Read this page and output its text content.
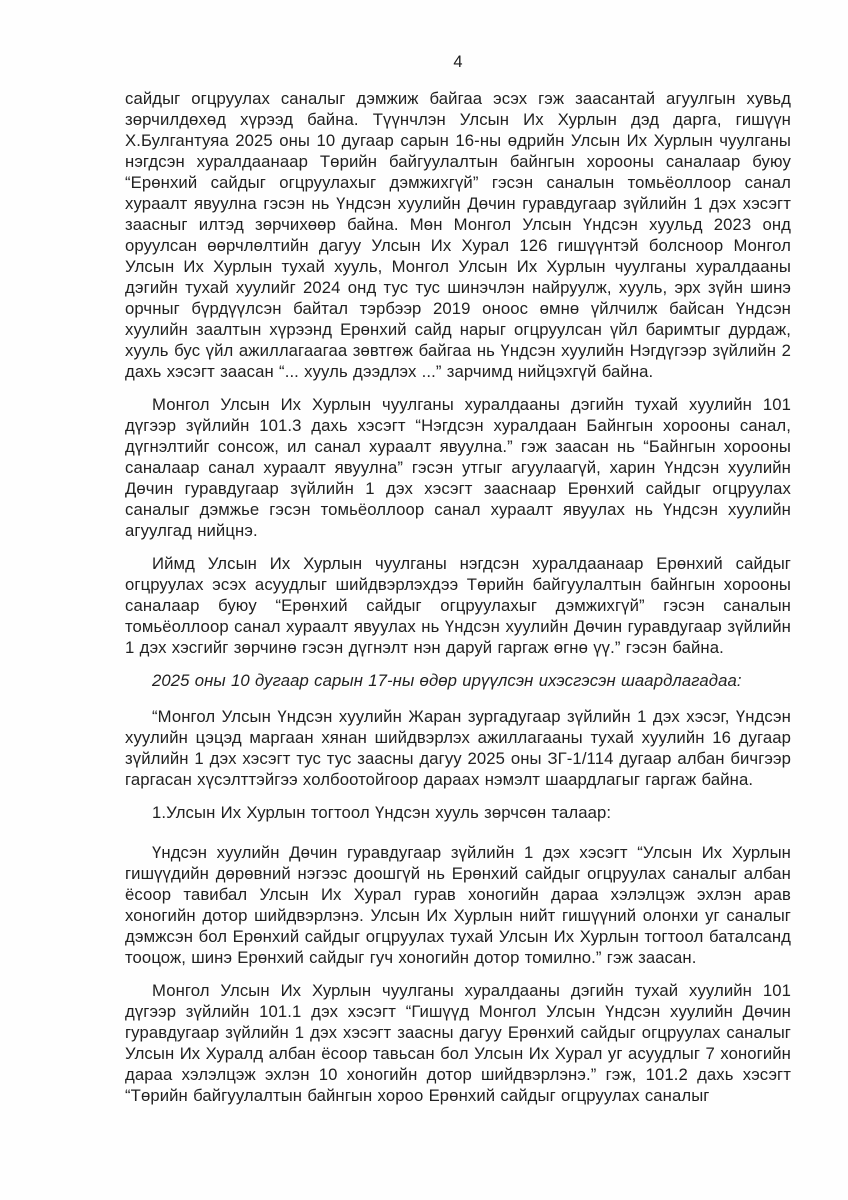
4

сайдыг огцруулах саналыг дэмжиж байгаа эсэх гэж заасантай агуулгын хувьд зөрчилдөхөд хүрээд байна. Түүнчлэн Улсын Их Хурлын дэд дарга, гишүүн Х.Булгантуяа 2025 оны 10 дугаар сарын 16-ны өдрийн Улсын Их Хурлын чуулганы нэгдсэн хуралдаанаар Төрийн байгуулалтын байнгын хорооны саналаар буюу “Ерөнхий сайдыг огцруулахыг дэмжихгүй” гэсэн саналын томьёоллоор санал хураалт явуулна гэсэн нь Үндсэн хуулийн Дөчин гуравдугаар зүйлийн 1 дэх хэсэгт заасныг илтэд зөрчихөөр байна. Мөн Монгол Улсын Үндсэн хуульд 2023 онд оруулсан өөрчлөлтийн дагуу Улсын Их Хурал 126 гишүүнтэй болсноор Монгол Улсын Их Хурлын тухай хууль, Монгол Улсын Их Хурлын чуулганы хуралдааны дэгийн тухай хуулийг 2024 онд тус тус шинэчлэн найруулж, хууль, эрх зүйн шинэ орчныг бүрдүүлсэн байтал тэрбээр 2019 оноос өмнө үйлчилж байсан Үндсэн хуулийн заалтын хүрээнд Ерөнхий сайд нарыг огцруулсан үйл баримтыг дурдаж, хууль бус үйл ажиллагаагаа зөвтгөж байгаа нь Үндсэн хуулийн Нэгдүгээр зүйлийн 2 дахь хэсэгт заасан “... хууль дээдлэх ...” зарчимд нийцэхгүй байна.

Монгол Улсын Их Хурлын чуулганы хуралдааны дэгийн тухай хуулийн 101 дүгээр зүйлийн 101.3 дахь хэсэгт “Нэгдсэн хуралдаан Байнгын хорооны санал, дүгнэлтийг сонсож, ил санал хураалт явуулна.” гэж заасан нь “Байнгын хорооны саналаар санал хураалт явуулна” гэсэн утгыг агуулаагүй, харин Үндсэн хуулийн Дөчин гуравдугаар зүйлийн 1 дэх хэсэгт зааснаар Ерөнхий сайдыг огцруулах саналыг дэмжье гэсэн томьёоллоор санал хураалт явуулах нь Үндсэн хуулийн агуулгад нийцнэ.

Иймд Улсын Их Хурлын чуулганы нэгдсэн хуралдаанаар Ерөнхий сайдыг огцруулах эсэх асуудлыг шийдвэрлэхдээ Төрийн байгуулалтын байнгын хорооны саналаар буюу “Ерөнхий сайдыг огцруулахыг дэмжихгүй” гэсэн саналын томьёоллоор санал хураалт явуулах нь Үндсэн хуулийн Дөчин гуравдугаар зүйлийн 1 дэх хэсгийг зөрчинө гэсэн дүгнэлт нэн даруй гаргаж өгнө үү.” гэсэн байна.

2025 оны 10 дугаар сарын 17-ны өдөр ирүүлсэн ихэсгэсэн шаардлагадаа:

“Монгол Улсын Үндсэн хуулийн Жаран зургадугаар зүйлийн 1 дэх хэсэг, Үндсэн хуулийн цэцэд маргаан хянан шийдвэрлэх ажиллагааны тухай хуулийн 16 дугаар зүйлийн 1 дэх хэсэгт тус тус заасны дагуу 2025 оны ЗГ-1/114 дугаар албан бичгээр гаргасан хүсэлттэйгээ холбоотойгоор дараах нэмэлт шаардлагыг гаргаж байна.

1.Улсын Их Хурлын тогтоол Үндсэн хууль зөрчсөн талаар:

Үндсэн хуулийн Дөчин гуравдугаар зүйлийн 1 дэх хэсэгт “Улсын Их Хурлын гишүүдийн дөрөвний нэгээс доошгүй нь Ерөнхий сайдыг огцруулах саналыг албан ёсоор тавибал Улсын Их Хурал гурав хоногийн дараа хэлэлцэж эхлэн арав хоногийн дотор шийдвэрлэнэ. Улсын Их Хурлын нийт гишүүний олонхи уг саналыг дэмжсэн бол Ерөнхий сайдыг огцруулах тухай Улсын Их Хурлын тогтоол баталсанд тооцож, шинэ Ерөнхий сайдыг гуч хоногийн дотор томилно.” гэж заасан.

Монгол Улсын Их Хурлын чуулганы хуралдааны дэгийн тухай хуулийн 101 дүгээр зүйлийн 101.1 дэх хэсэгт “Гишүүд Монгол Улсын Үндсэн хуулийн Дөчин гуравдугаар зүйлийн 1 дэх хэсэгт заасны дагуу Ерөнхий сайдыг огцруулах саналыг Улсын Их Хуралд албан ёсоор тавьсан бол Улсын Их Хурал уг асуудлыг 7 хоногийн дараа хэлэлцэж эхлэн 10 хоногийн дотор шийдвэрлэнэ.” гэж, 101.2 дахь хэсэгт “Төрийн байгуулалтын байнгын хороо Ерөнхий сайдыг огцруулах саналыг
